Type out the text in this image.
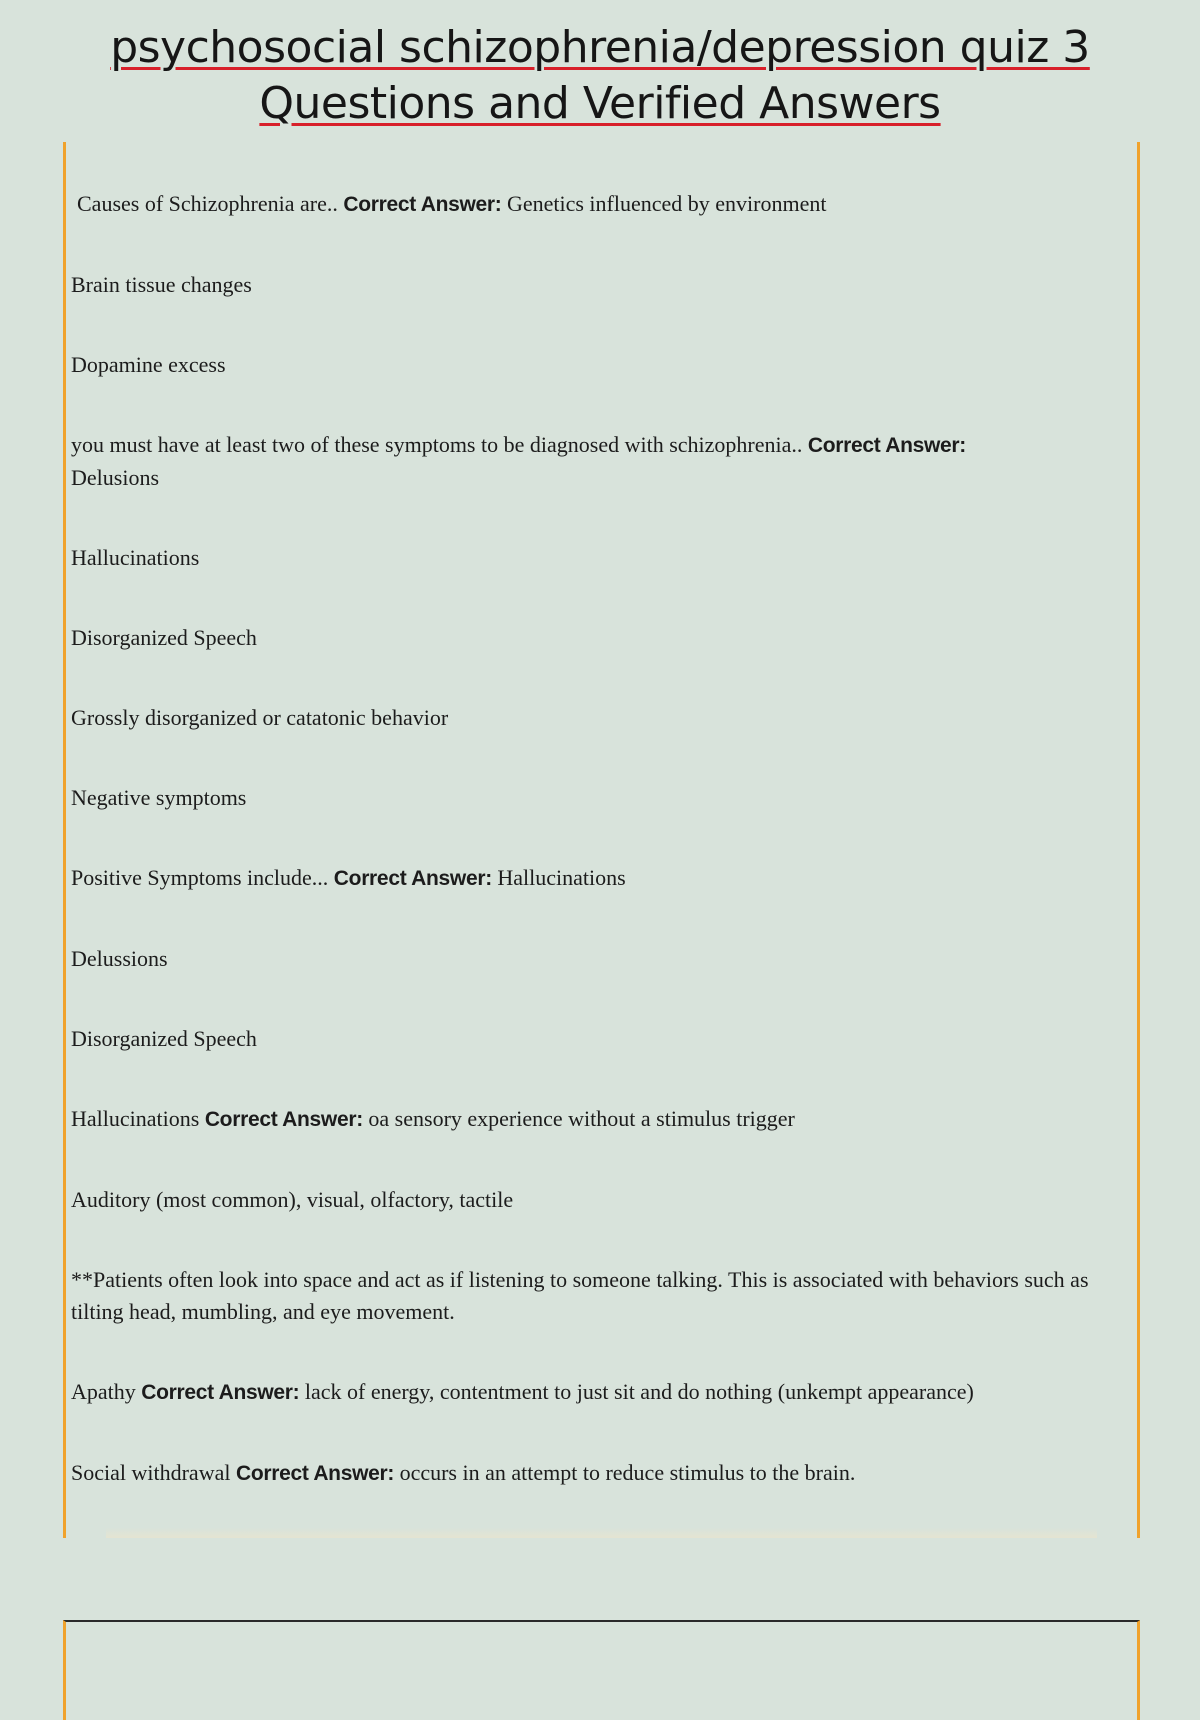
psychosocial schizophrenia/depression quiz 3
Questions and Verified Answers
Causes of Schizophrenia are.. Correct Answer: Genetics influenced by environment
Brain tissue changes
Dopamine excess
you must have at least two of these symptoms to be diagnosed with schizophrenia.. Correct Answer:
Delusions
Hallucinations
Disorganized Speech
Grossly disorganized or catatonic behavior
Negative symptoms
Positive Symptoms include... Correct Answer: Hallucinations
Delussions
Disorganized Speech
Hallucinations Correct Answer: oa sensory experience without a stimulus trigger
Auditory (most common), visual, olfactory, tactile
**Patients often look into space and act as if listening to someone talking. This is associated with behaviors such as tilting head, mumbling, and eye movement.
Apathy Correct Answer: lack of energy, contentment to just sit and do nothing (unkempt appearance)
Social withdrawal Correct Answer: occurs in an attempt to reduce stimulus to the brain.
